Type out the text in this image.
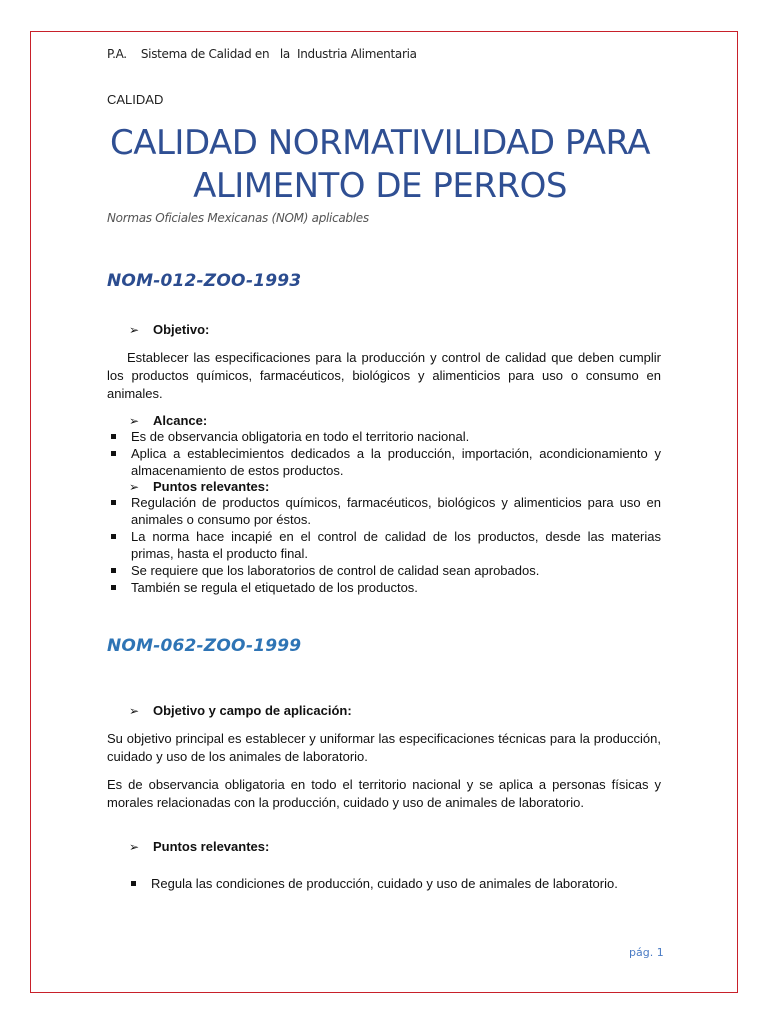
P.A.    Sistema de Calidad en   la  Industria Alimentaria
CALIDAD
CALIDAD NORMATIVILIDAD PARA
ALIMENTO DE PERROS
Normas Oficiales Mexicanas (NOM) aplicables
NOM-012-ZOO-1993
➢	Objetivo:
Establecer las especificaciones para la producción y control de calidad que deben cumplir los productos químicos, farmacéuticos, biológicos y alimenticios para uso o consumo en animales.
➢	Alcance:
Es de observancia obligatoria en todo el territorio nacional.
Aplica a establecimientos dedicados a la producción, importación, acondicionamiento y almacenamiento de estos productos.
➢	Puntos relevantes:
Regulación de productos químicos, farmacéuticos, biológicos y alimenticios para uso en animales o consumo por éstos.
La norma hace incapié en el control de calidad de los productos, desde las materias primas, hasta el producto final.
Se requiere que los laboratorios de control de calidad sean aprobados.
También se regula el etiquetado de los productos.
NOM-062-ZOO-1999
➢	Objetivo y campo de aplicación:
Su objetivo principal es establecer y uniformar las especificaciones técnicas para la producción, cuidado y uso de los animales de laboratorio.
Es de observancia obligatoria en todo el territorio nacional y se aplica a personas físicas y morales relacionadas con la producción, cuidado y uso de animales de laboratorio.
➢	Puntos relevantes:
Regula las condiciones de producción, cuidado y uso de animales de laboratorio.
pág. 1
